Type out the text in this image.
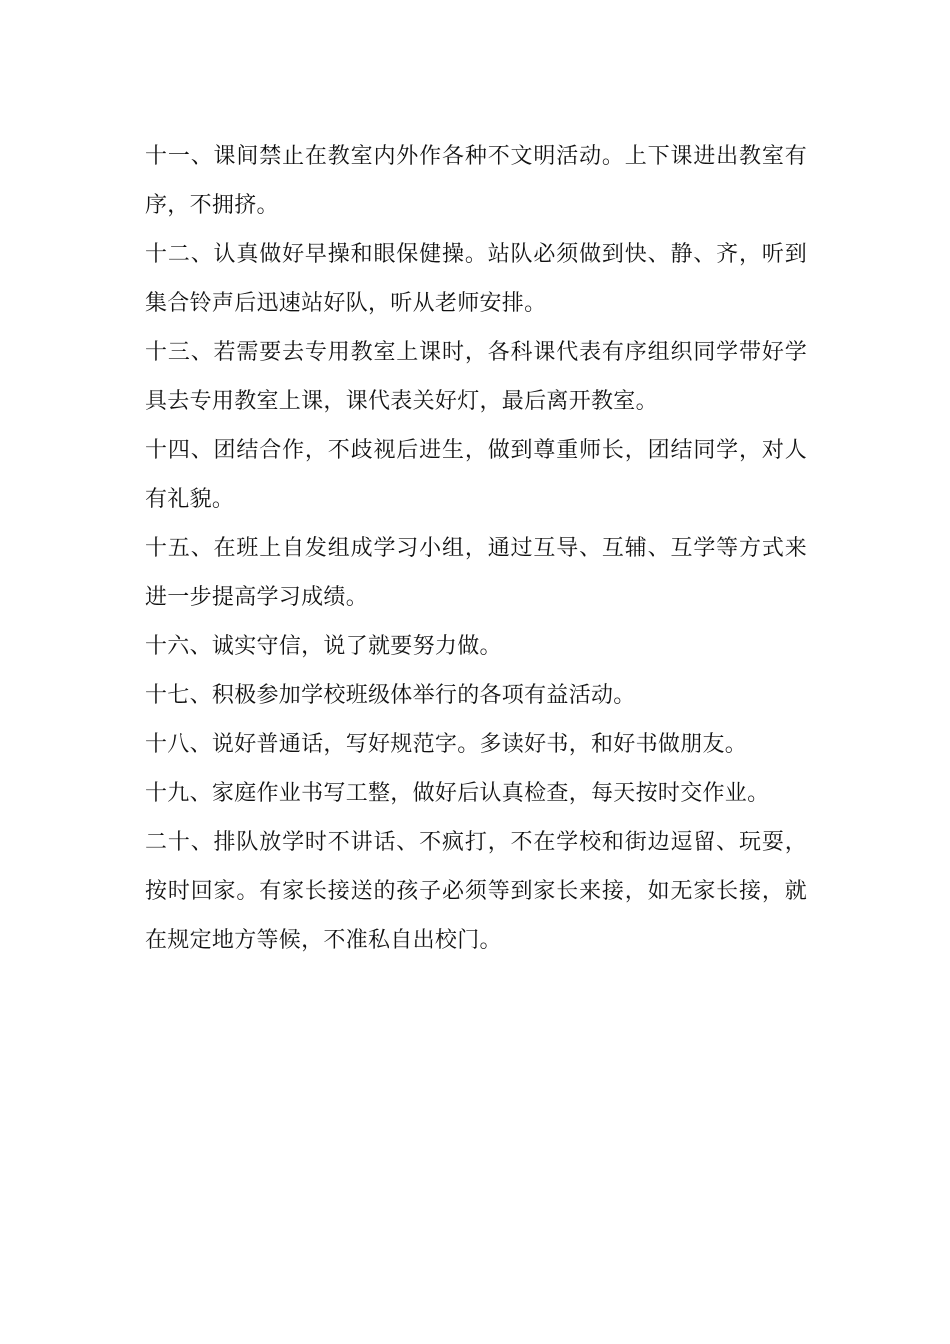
十一、课间禁止在教室内外作各种不文明活动。上下课进出教室有序，不拥挤。

十二、认真做好早操和眼保健操。站队必须做到快、静、齐，听到集合铃声后迅速站好队，听从老师安排。

十三、若需要去专用教室上课时，各科课代表有序组织同学带好学具去专用教室上课，课代表关好灯，最后离开教室。

十四、团结合作，不歧视后进生，做到尊重师长，团结同学，对人有礼貌。

十五、在班上自发组成学习小组，通过互导、互辅、互学等方式来进一步提高学习成绩。

十六、诚实守信，说了就要努力做。

十七、积极参加学校班级体举行的各项有益活动。

十八、说好普通话，写好规范字。多读好书，和好书做朋友。

十九、家庭作业书写工整，做好后认真检查，每天按时交作业。

二十、排队放学时不讲话、不疯打，不在学校和街边逗留、玩耍，按时回家。有家长接送的孩子必须等到家长来接，如无家长接，就在规定地方等候，不准私自出校门。
